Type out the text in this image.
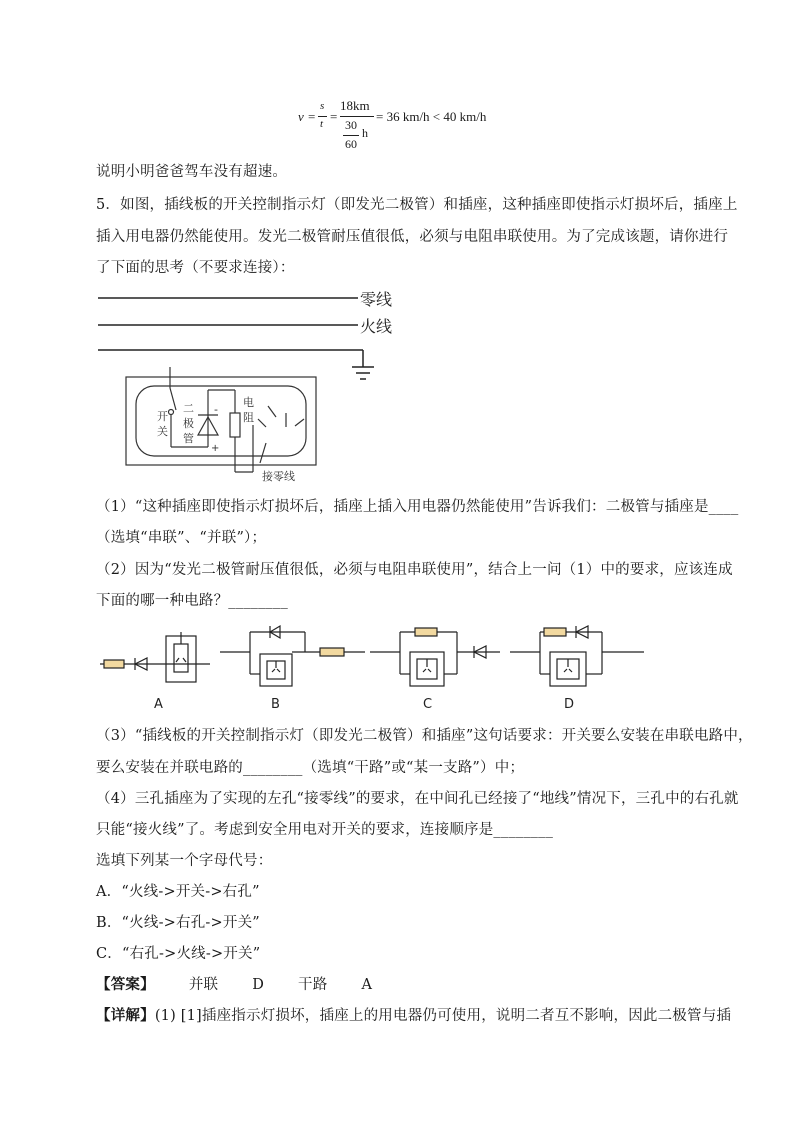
v =
s
t =
18km
30
60
h
= 36 km/h < 40 km/h
说明小明爸爸驾车没有超速。
5．如图，插线板的开关控制指示灯（即发光二极管）和插座，这种插座即使指示灯损坏后，插座上
插入用电器仍然能使用。发光二极管耐压值很低，必须与电阻串联使用。为了完成该题，请你进行
了下面的思考（不要求连接）：
零线
火线
开
关
二
极
管
-
+
电
阻
接零线
（1）“这种插座即使指示灯损坏后，插座上插入用电器仍然能使用”告诉我们：二极管与插座是____
（选填“串联”、“并联”）；
（2）因为“发光二极管耐压值很低，必须与电阻串联使用”，结合上一问（1）中的要求，应该连成
下面的哪一种电路？________
A	B	C	D
（3）“插线板的开关控制指示灯（即发光二极管）和插座”这句话要求：开关要么安装在串联电路中，
要么安装在并联电路的________（选填“干路”或“某一支路”）中；
（4）三孔插座为了实现的左孔“接零线”的要求，在中间孔已经接了“地线”情况下，三孔中的右孔就
只能“接火线”了。考虑到安全用电对开关的要求，连接顺序是________
选填下列某一个字母代号：
A．“火线->开关->右孔”
B．“火线->右孔->开关”
C．“右孔->火线->开关”
【答案】 并联 D 干路 A
【详解】(1) [1]插座指示灯损坏，插座上的用电器仍可使用，说明二者互不影响，因此二极管与插
